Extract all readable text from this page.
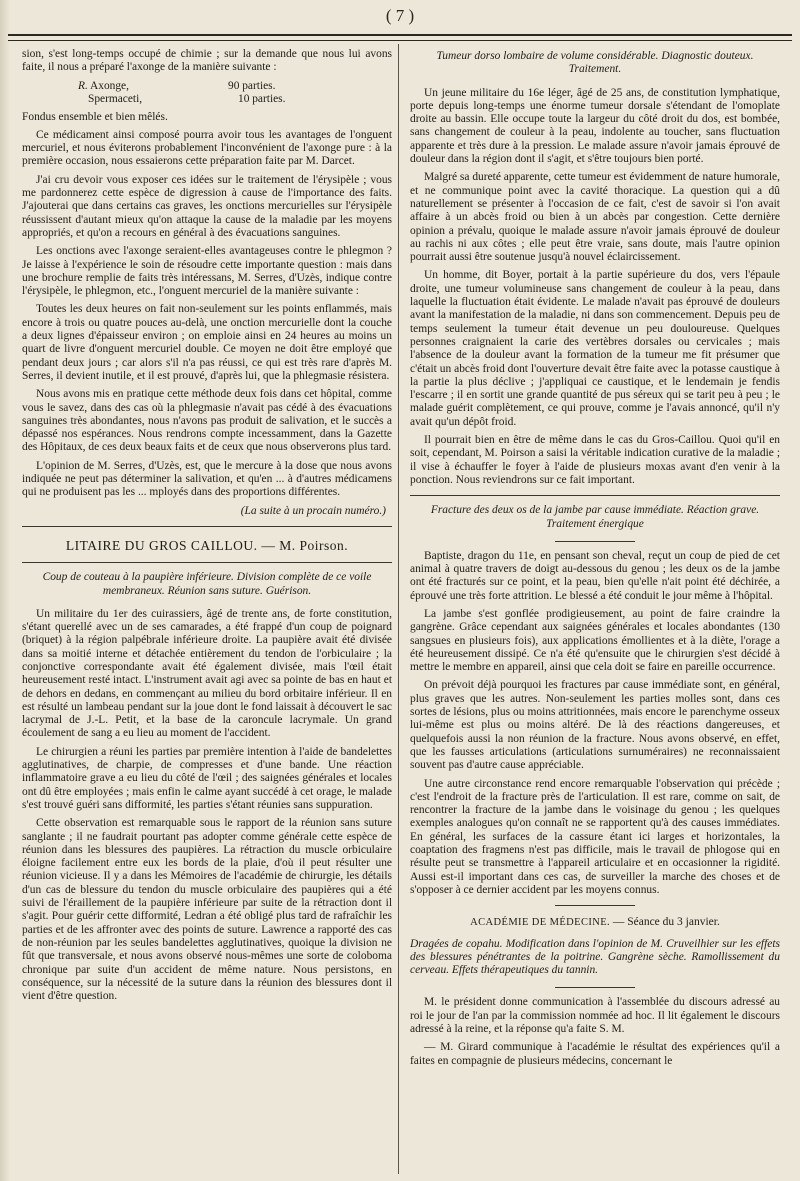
( 7 )

sion, s'est long-temps occupé de chimie ; sur la demande que nous lui avons faite, il nous a préparé l'axonge de la manière suivante :

R. Axonge,	90 parties.
Spermaceti,	10 parties.

Fondus ensemble et bien mêlés.

Ce médicament ainsi composé pourra avoir tous les avantages de l'onguent mercuriel, et nous éviterons probablement l'inconvénient de l'axonge pure : à la première occasion, nous essaierons cette préparation faite par M. Darcet.

J'ai cru devoir vous exposer ces idées sur le traitement de l'érysipèle ; vous me pardonnerez cette espèce de digression à cause de l'importance des faits. J'ajouterai que dans certains cas graves, les onctions mercurielles sur l'érysipèle réussissent d'autant mieux qu'on attaque la cause de la maladie par les moyens appropriés, et qu'on a recours en général à des évacuations sanguines.

Les onctions avec l'axonge seraient-elles avantageuses contre le phlegmon ? Je laisse à l'expérience le soin de résoudre cette importante question : mais dans une brochure remplie de faits très intéressans, M. Serres, d'Uzès, indique contre l'érysipèle, le phlegmon, etc., l'onguent mercuriel de la manière suivante :

Toutes les deux heures on fait non-seulement sur les points enflammés, mais encore à trois ou quatre pouces au-delà, une onction mercurielle dont la couche a deux lignes d'épaisseur environ ; on emploie ainsi en 24 heures au moins un quart de livre d'onguent mercuriel double. Ce moyen ne doit être employé que pendant deux jours ; car alors s'il n'a pas réussi, ce qui est très rare d'après M. Serres, il devient inutile, et il est prouvé, d'après lui, que la phlegmasie résistera.

Nous avons mis en pratique cette méthode deux fois dans cet hôpital, comme vous le savez, dans des cas où la phlegmasie n'avait pas cédé à des évacuations sanguines très abondantes, nous n'avons pas produit de salivation, et le succès a dépassé nos espérances. Nous rendrons compte incessamment, dans la Gazette des Hôpitaux, de ces deux beaux faits et de ceux que nous observerons plus tard.

L'opinion de M. Serres, d'Uzès, est, que le mercure à la dose que nous avons indiquée ne peut pas déterminer la salivation, et qu'en ... à d'autres médicamens qui ne produisent pas les ... mployés dans des proportions différentes.

(La suite à un procain numéro.)

LITAIRE DU GROS CAILLOU. — M. Poirson.

Coup de couteau à la paupière inférieure. Division complète de ce voile membraneux. Réunion sans suture. Guérison.

Un militaire du 1er des cuirassiers, âgé de trente ans, de forte constitution, s'étant querellé avec un de ses camarades, a été frappé d'un coup de poignard (briquet) à la région palpébrale inférieure droite. La paupière avait été divisée dans sa moitié interne et détachée entièrement du tendon de l'orbiculaire ; la conjonctive correspondante avait été également divisée, mais l'œil était heureusement resté intact. L'instrument avait agi avec sa pointe de bas en haut et de dehors en dedans, en commençant au milieu du bord orbitaire inférieur. Il en est résulté un lambeau pendant sur la joue dont le fond laissait à découvert le sac lacrymal de J.-L. Petit, et la base de la caroncule lacrymale. Un grand écoulement de sang a eu lieu au moment de l'accident.

Le chirurgien a réuni les parties par première intention à l'aide de bandelettes agglutinatives, de charpie, de compresses et d'une bande. Une réaction inflammatoire grave a eu lieu du côté de l'œil ; des saignées générales et locales ont dû être employées ; mais enfin le calme ayant succédé à cet orage, le malade s'est trouvé guéri sans difformité, les parties s'étant réunies sans suppuration.

Cette observation est remarquable sous le rapport de la réunion sans suture sanglante ; il ne faudrait pourtant pas adopter comme générale cette espèce de réunion dans les blessures des paupières. La rétraction du muscle orbiculaire éloigne facilement entre eux les bords de la plaie, d'où il peut résulter une réunion vicieuse. Il y a dans les Mémoires de l'académie de chirurgie, les détails d'un cas de blessure du tendon du muscle orbiculaire des paupières qui a été suivi de l'éraillement de la paupière inférieure par suite de la rétraction dont il s'agit. Pour guérir cette difformité, Ledran a été obligé plus tard de rafraîchir les parties et de les affronter avec des points de suture. Lawrence a rapporté des cas de non-réunion par les seules bandelettes agglutinatives, quoique la division ne fût que transversale, et nous avons observé nous-mêmes une sorte de coloboma chronique par suite d'un accident de même nature. Nous persistons, en conséquence, sur la nécessité de la suture dans la réunion des blessures dont il vient d'être question.

Tumeur dorso lombaire de volume considérable. Diagnostic douteux. Traitement.

Un jeune militaire du 16e léger, âgé de 25 ans, de constitution lymphatique, porte depuis long-temps une énorme tumeur dorsale s'étendant de l'omoplate droite au bassin. Elle occupe toute la largeur du côté droit du dos, est bombée, sans changement de couleur à la peau, indolente au toucher, sans fluctuation apparente et très dure à la pression. Le malade assure n'avoir jamais éprouvé de douleur dans la région dont il s'agit, et s'être toujours bien porté.

Malgré sa dureté apparente, cette tumeur est évidemment de nature humorale, et ne communique point avec la cavité thoracique. La question qui a dû naturellement se présenter à l'occasion de ce fait, c'est de savoir si l'on avait affaire à un abcès froid ou bien à un abcès par congestion. Cette dernière opinion a prévalu, quoique le malade assure n'avoir jamais éprouvé de douleur au rachis ni aux côtes ; elle peut être vraie, sans doute, mais l'autre opinion pourrait aussi être soutenue jusqu'à nouvel éclaircissement.

Un homme, dit Boyer, portait à la partie supérieure du dos, vers l'épaule droite, une tumeur volumineuse sans changement de couleur à la peau, dans laquelle la fluctuation était évidente. Le malade n'avait pas éprouvé de douleurs avant la manifestation de la maladie, ni dans son commencement. Depuis peu de temps seulement la tumeur était devenue un peu douloureuse. Quelques personnes craignaient la carie des vertèbres dorsales ou cervicales ; mais l'absence de la douleur avant la formation de la tumeur me fit présumer que c'était un abcès froid dont l'ouverture devait être faite avec la potasse caustique à la partie la plus déclive ; j'appliquai ce caustique, et le lendemain je fendis l'escarre ; il en sortit une grande quantité de pus séreux qui se tarit peu à peu ; le malade guérit complètement, ce qui prouve, comme je l'avais annoncé, qu'il n'y avait qu'un dépôt froid.

Il pourrait bien en être de même dans le cas du Gros-Caillou. Quoi qu'il en soit, cependant, M. Poirson a saisi la véritable indication curative de la maladie ; il vise à échauffer le foyer à l'aide de plusieurs moxas avant d'en venir à la ponction. Nous reviendrons sur ce fait important.

Fracture des deux os de la jambe par cause immédiate. Réaction grave. Traitement énergique

Baptiste, dragon du 11e, en pensant son cheval, reçut un coup de pied de cet animal à quatre travers de doigt au-dessous du genou ; les deux os de la jambe ont été fracturés sur ce point, et la peau, bien qu'elle n'ait point été déchirée, a éprouvé une très forte attrition. Le blessé a été conduit le jour même à l'hôpital.

La jambe s'est gonflée prodigieusement, au point de faire craindre la gangrène. Grâce cependant aux saignées générales et locales abondantes (130 sangsues en plusieurs fois), aux applications émollientes et à la diète, l'orage a été heureusement dissipé. Ce n'a été qu'ensuite que le chirurgien s'est décidé à mettre le membre en appareil, ainsi que cela doit se faire en pareille occurrence.

On prévoit déjà pourquoi les fractures par cause immédiate sont, en général, plus graves que les autres. Non-seulement les parties molles sont, dans ces sortes de lésions, plus ou moins attritionnées, mais encore le parenchyme osseux lui-même est plus ou moins altéré. De là des réactions dangereuses, et quelquefois aussi la non réunion de la fracture. Nous avons observé, en effet, que les fausses articulations (articulations surnuméraires) ne reconnaissaient souvent pas d'autre cause appréciable.

Une autre circonstance rend encore remarquable l'observation qui précède ; c'est l'endroit de la fracture près de l'articulation. Il est rare, comme on sait, de rencontrer la fracture de la jambe dans le voisinage du genou ; les quelques exemples analogues qu'on connaît ne se rapportent qu'à des causes immédiates. En général, les surfaces de la cassure étant ici larges et horizontales, la coaptation des fragmens n'est pas difficile, mais le travail de phlogose qui en résulte peut se transmettre à l'appareil articulaire et en occasionner la rigidité. Aussi est-il important dans ces cas, de surveiller la marche des choses et de s'opposer à ce dernier accident par les moyens connus.

ACADÉMIE DE MÉDECINE. — Séance du 3 janvier.

Dragées de copahu. Modification dans l'opinion de M. Cruveilhier sur les effets des blessures pénétrantes de la poitrine. Gangrène sèche. Ramollissement du cerveau. Effets thérapeutiques du tannin.

M. le président donne communication à l'assemblée du discours adressé au roi le jour de l'an par la commission nommée ad hoc. Il lit également le discours adressé à la reine, et la réponse qu'a faite S. M.

— M. Girard communique à l'académie le résultat des expériences qu'il a faites en compagnie de plusieurs médecins, concernant le
